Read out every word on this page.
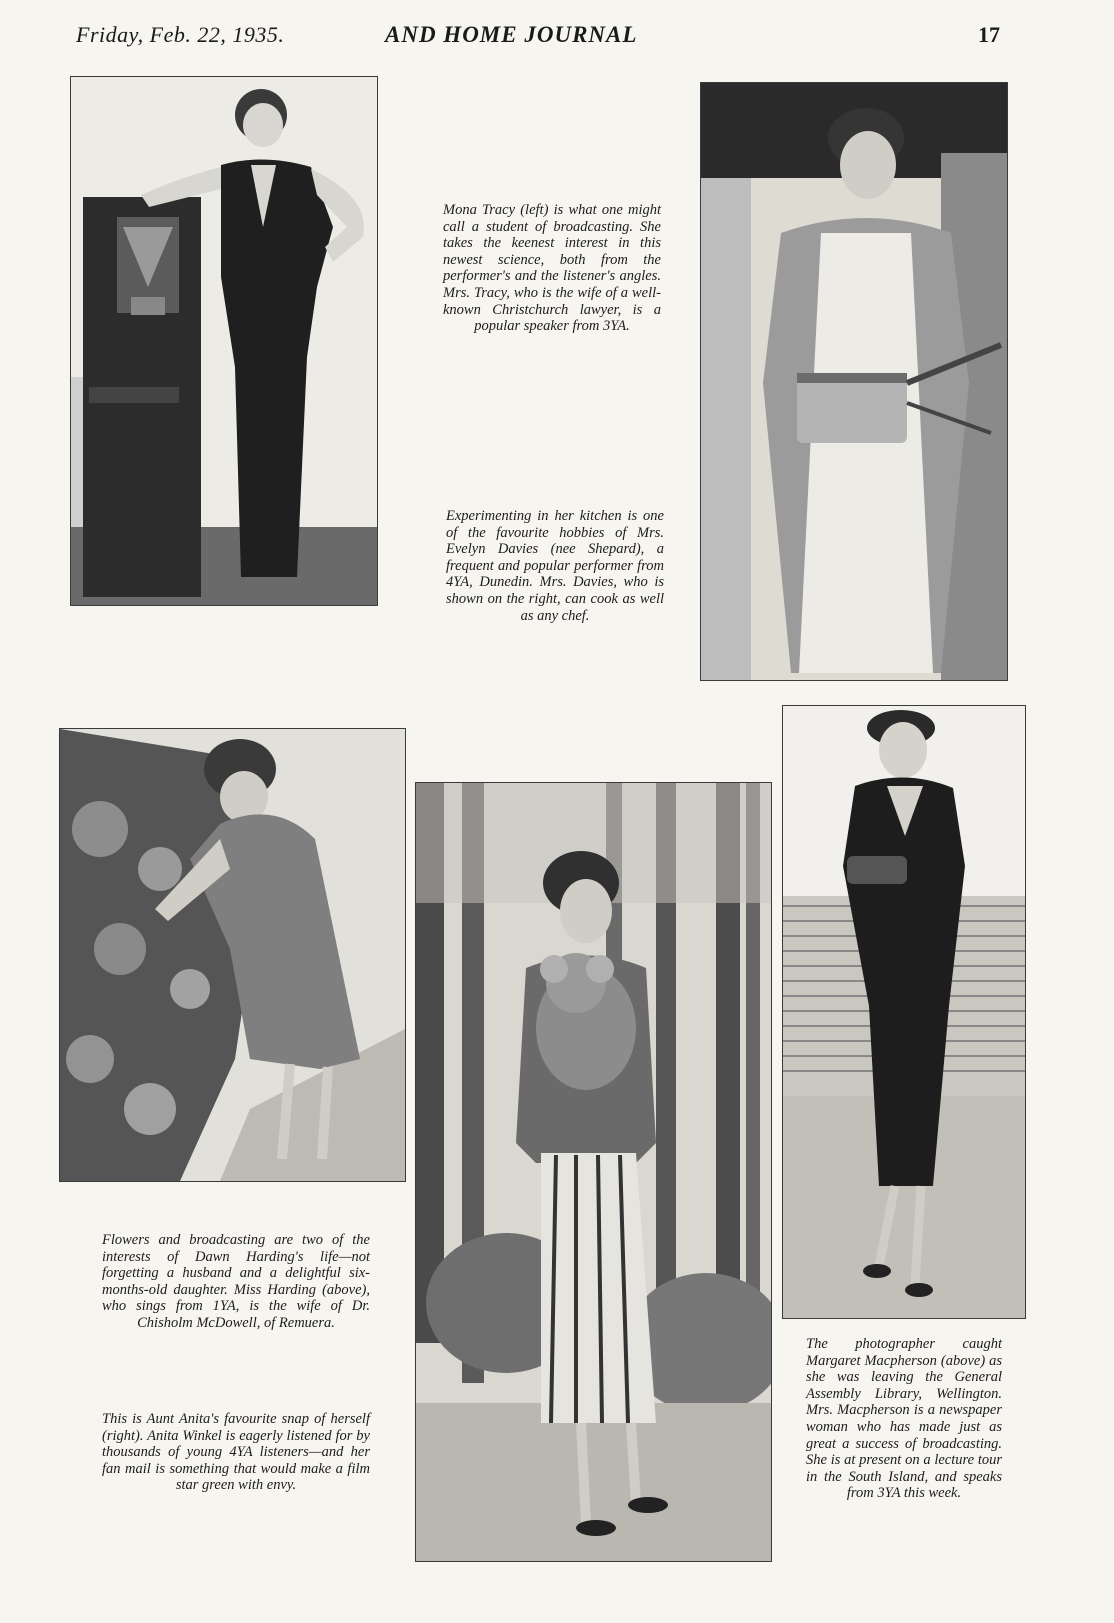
Friday, Feb. 22, 1935.	AND HOME JOURNAL	17
Mona Tracy (left) is what one might call a student of broadcasting. She takes the keenest interest in this newest science, both from the performer's and the listener's angles. Mrs. Tracy, who is the wife of a well-known Christchurch lawyer, is a popular speaker from 3YA.
Experimenting in her kitchen is one of the favourite hobbies of Mrs. Evelyn Davies (nee Shepard), a frequent and popular performer from 4YA, Dunedin. Mrs. Davies, who is shown on the right, can cook as well as any chef.
Flowers and broadcasting are two of the interests of Dawn Harding's life—not forgetting a husband and a delightful six-months-old daughter. Miss Harding (above), who sings from 1YA, is the wife of Dr. Chisholm McDowell, of Remuera.
This is Aunt Anita's favourite snap of herself (right). Anita Winkel is eagerly listened for by thousands of young 4YA listeners—and her fan mail is something that would make a film star green with envy.
The photographer caught Margaret Macpherson (above) as she was leaving the General Assembly Library, Wellington. Mrs. Macpherson is a newspaper woman who has made just as great a success of broadcasting. She is at present on a lecture tour in the South Island, and speaks from 3YA this week.
